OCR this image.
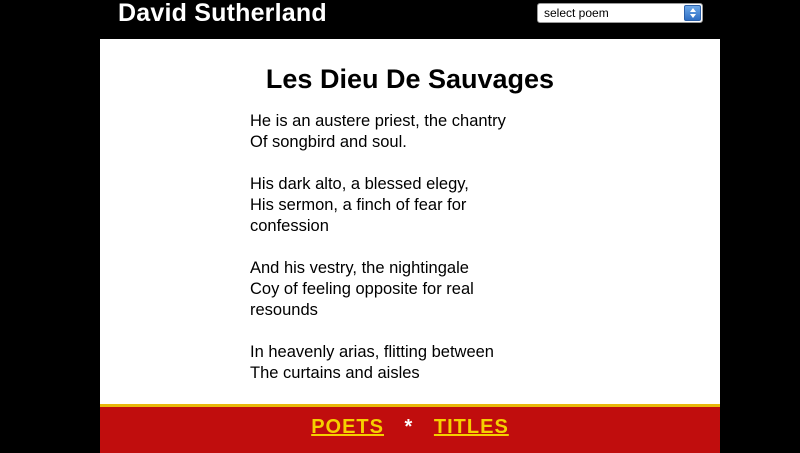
David Sutherland	select poem
Les Dieu De Sauvages
He is an austere priest, the chantry
Of songbird and soul.
His dark alto, a blessed elegy,
His sermon, a finch of fear for
confession
And his vestry, the nightingale
Coy of feeling opposite for real
resounds
In heavenly arias, flitting between
The curtains and aisles
POETS * TITLES
